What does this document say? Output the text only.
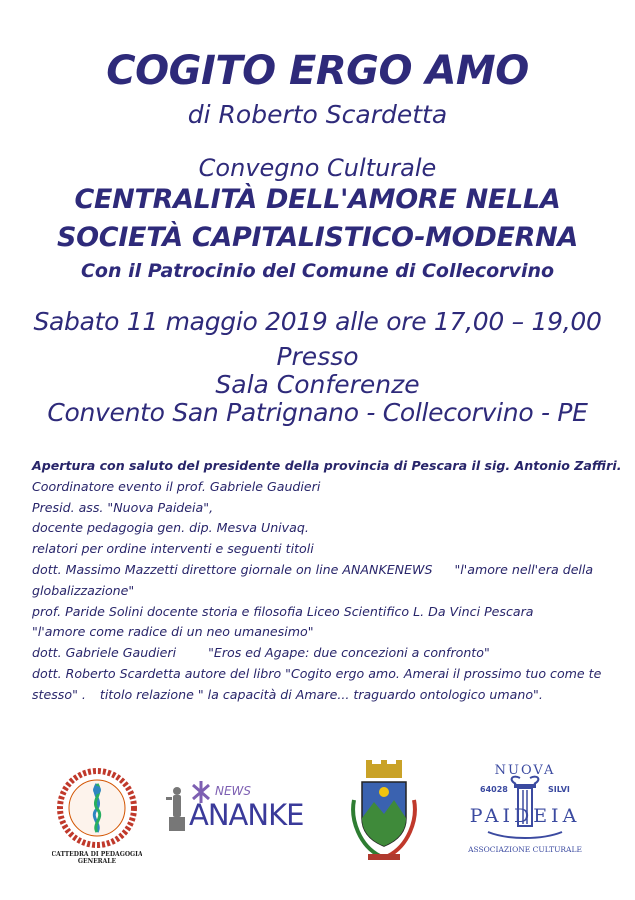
COGITO ERGO AMO
di Roberto Scardetta
Convegno Culturale
CENTRALITÀ DELL'AMORE NELLA
SOCIETÀ CAPITALISTICO-MODERNA
Con il Patrocinio del Comune di Collecorvino
Sabato 11 maggio 2019 alle ore 17,00 – 19,00
Presso
Sala Conferenze
Convento San Patrignano - Collecorvino - PE
Apertura con saluto del presidente della provincia di Pescara il sig. Antonio Zaffiri.
Coordinatore evento il prof. Gabriele Gaudieri
Presid. ass. "Nuova Paideia",
docente pedagogia gen. dip. Mesva Univaq.
relatori per ordine interventi e seguenti titoli
dott. Massimo Mazzetti direttore giornale on line ANANKENEWS "l'amore nell'era della
globalizzazione"
prof. Paride Solini docente storia e filosofia Liceo Scientifico L. Da Vinci Pescara
"l'amore come radice di un neo umanesimo"
dott. Gabriele Gaudieri	"Eros ed Agape: due concezioni a confronto"
dott. Roberto Scardetta autore del libro "Cogito ergo amo. Amerai il prossimo tuo come te
stesso" . titolo relazione " la capacità di Amare... traguardo ontologico umano".
CATTEDRA DI PEDAGOGIA
GENERALE
NEWS
ANANKE
NUOVA
64028	SILVI
PAIDEIA
ASSOCIAZIONE CULTURALE
